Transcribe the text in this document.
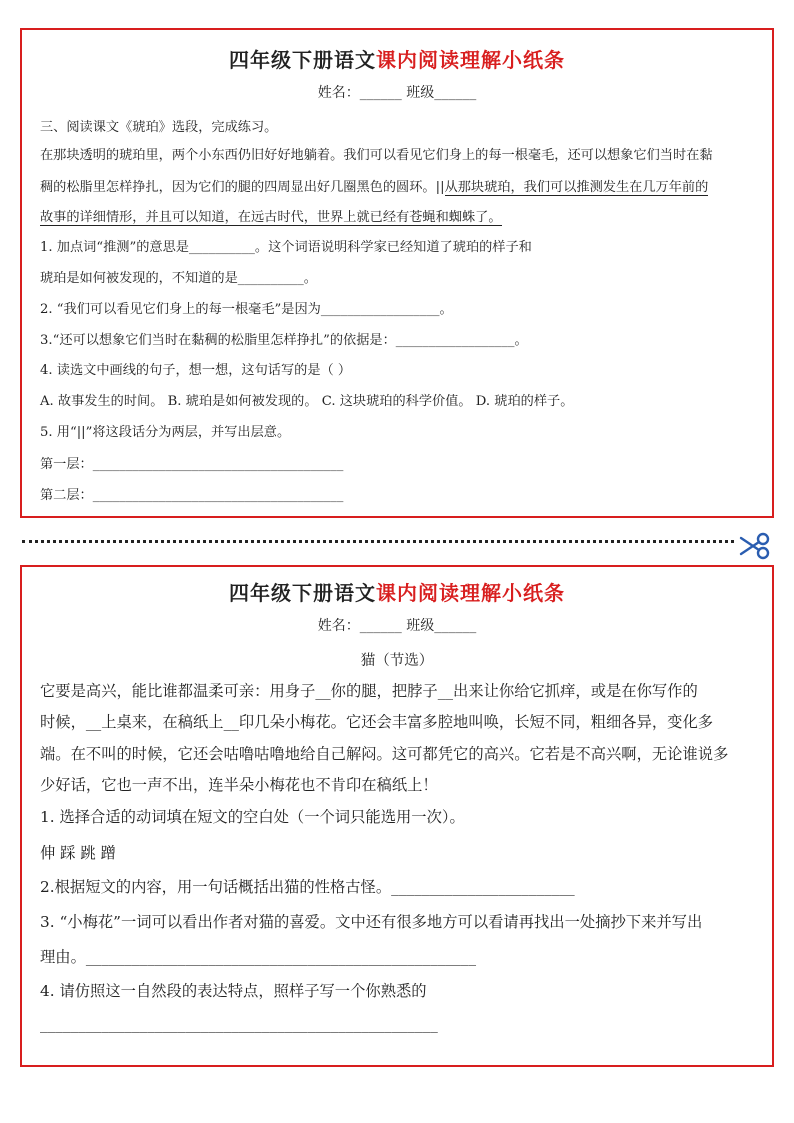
四年级下册语文课内阅读理解小纸条
姓名：______ 班级______
三、阅读课文《琥珀》选段，完成练习。
在那块透明的琥珀里，两个小东西仍旧好好地躺着。我们可以看见它们身上的每一根毫毛，还可以想象它们当时在黏
稠的松脂里怎样挣扎，因为它们的腿的四周显出好几圈黑色的圆环。||从那块琥珀，我们可以推测发生在几万年前的
故事的详细情形，并且可以知道，在远古时代，世界上就已经有苍蝇和蜘蛛了。
1. 加点词“推测”的意思是__________。这个词语说明科学家已经知道了琥珀的样子和
琥珀是如何被发现的，不知道的是__________。
2. “我们可以看见它们身上的每一根毫毛”是因为__________________。
3.“还可以想象它们当时在黏稠的松脂里怎样挣扎”的依据是：__________________。
4. 读选文中画线的句子，想一想，这句话写的是（ ）
A. 故事发生的时间。 B. 琥珀是如何被发现的。 C. 这块琥珀的科学价值。 D. 琥珀的样子。
5. 用“||”将这段话分为两层，并写出层意。
第一层：______________________________________
第二层：______________________________________
四年级下册语文课内阅读理解小纸条
姓名：______ 班级______
猫（节选）
它要是高兴，能比谁都温柔可亲：用身子__你的腿，把脖子__出来让你给它抓痒，或是在你写作的
时候，__上桌来，在稿纸上__印几朵小梅花。它还会丰富多腔地叫唤，长短不同，粗细各异，变化多
端。在不叫的时候，它还会咕噜咕噜地给自己解闷。这可都凭它的高兴。它若是不高兴啊，无论谁说多
少好话，它也一声不出，连半朵小梅花也不肯印在稿纸上！
1. 选择合适的动词填在短文的空白处（一个词只能选用一次）。
伸 踩 跳 蹭
2.根据短文的内容，用一句话概括出猫的性格古怪。________________________
3. “小梅花”一词可以看出作者对猫的喜爱。文中还有很多地方可以看请再找出一处摘抄下来并写出
理由。___________________________________________________
4. 请仿照这一自然段的表达特点，照样子写一个你熟悉的
____________________________________________________
